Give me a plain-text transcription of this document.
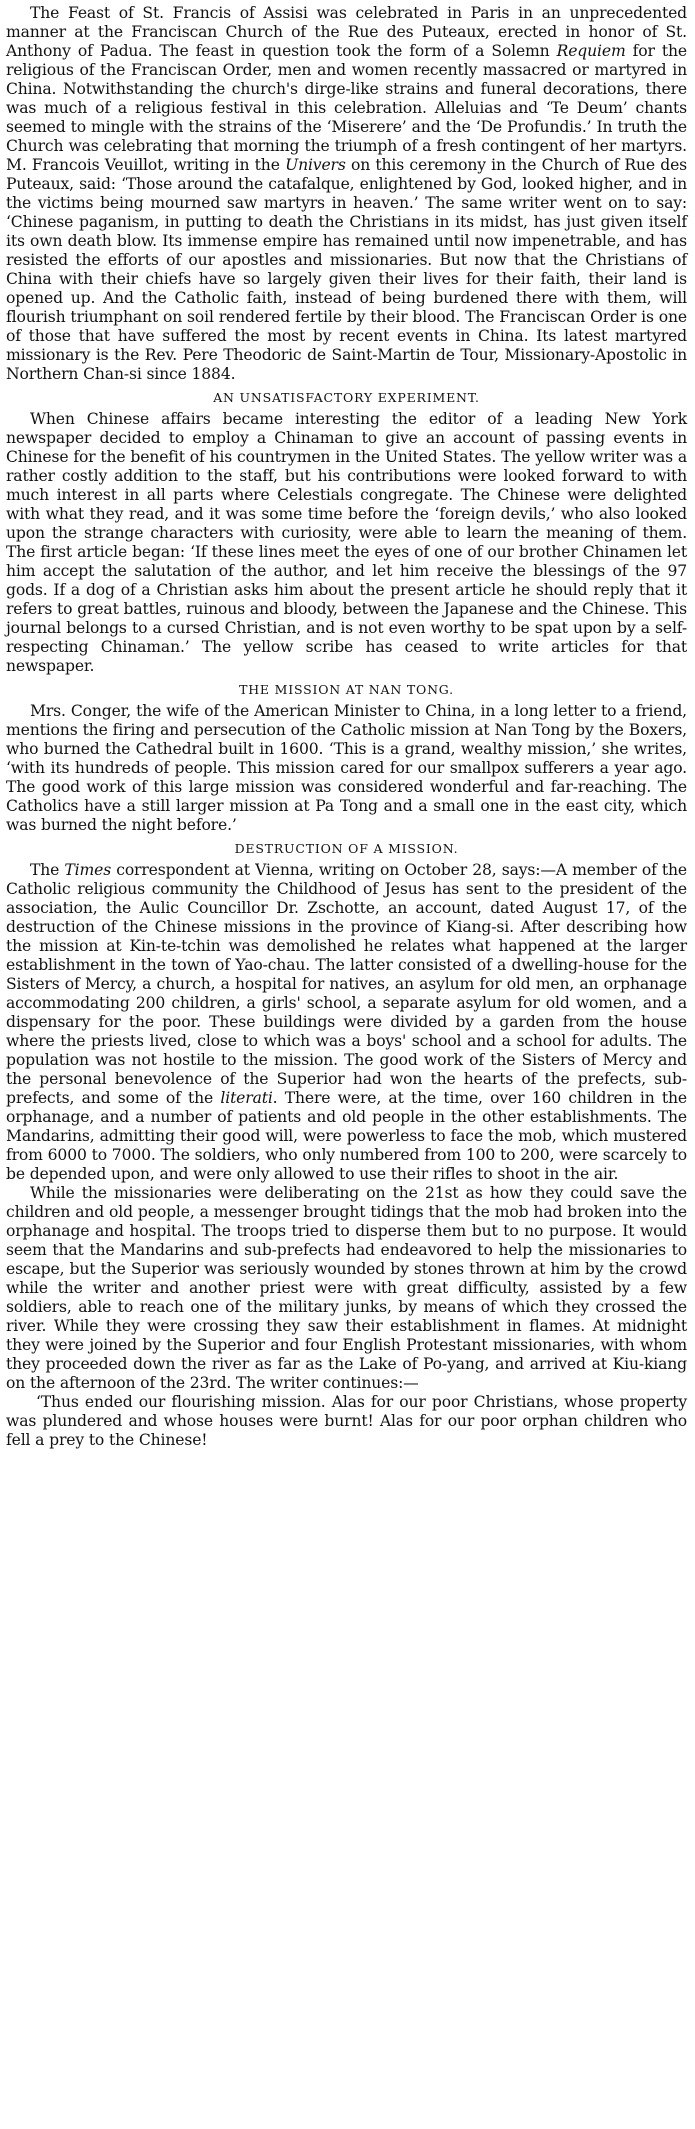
The Feast of St. Francis of Assisi was celebrated in Paris in an unprecedented manner at the Franciscan Church of the Rue des Puteaux, erected in honor of St. Anthony of Padua. The feast in question took the form of a Solemn Requiem for the religious of the Franciscan Order, men and women recently massacred or martyred in China. Notwithstanding the church's dirge-like strains and funeral decorations, there was much of a religious festival in this celebration. Alleluias and ‘Te Deum’ chants seemed to mingle with the strains of the ‘Miserere’ and the ‘De Profundis.’ In truth the Church was celebrating that morning the triumph of a fresh contingent of her martyrs. M. Francois Veuillot, writing in the Univers on this ceremony in the Church of Rue des Puteaux, said: ‘Those around the catafalque, enlightened by God, looked higher, and in the victims being mourned saw martyrs in heaven.’ The same writer went on to say: ‘Chinese paganism, in putting to death the Christians in its midst, has just given itself its own death blow. Its immense empire has remained until now impenetrable, and has resisted the efforts of our apostles and missionaries. But now that the Christians of China with their chiefs have so largely given their lives for their faith, their land is opened up. And the Catholic faith, instead of being burdened there with them, will flourish triumphant on soil rendered fertile by their blood. The Franciscan Order is one of those that have suffered the most by recent events in China. Its latest martyred missionary is the Rev. Pere Theodoric de Saint-Martin de Tour, Missionary-Apostolic in Northern Chan-si since 1884.

AN UNSATISFACTORY EXPERIMENT.

When Chinese affairs became interesting the editor of a leading New York newspaper decided to employ a Chinaman to give an account of passing events in Chinese for the benefit of his countrymen in the United States. The yellow writer was a rather costly addition to the staff, but his contributions were looked forward to with much interest in all parts where Celestials congregate. The Chinese were delighted with what they read, and it was some time before the ‘foreign devils,’ who also looked upon the strange characters with curiosity, were able to learn the meaning of them. The first article began: ‘If these lines meet the eyes of one of our brother Chinamen let him accept the salutation of the author, and let him receive the blessings of the 97 gods. If a dog of a Christian asks him about the present article he should reply that it refers to great battles, ruinous and bloody, between the Japanese and the Chinese. This journal belongs to a cursed Christian, and is not even worthy to be spat upon by a self-respecting Chinaman.’ The yellow scribe has ceased to write articles for that newspaper.

THE MISSION AT NAN TONG.

Mrs. Conger, the wife of the American Minister to China, in a long letter to a friend, mentions the firing and persecution of the Catholic mission at Nan Tong by the Boxers, who burned the Cathedral built in 1600. ‘This is a grand, wealthy mission,’ she writes, ‘with its hundreds of people. This mission cared for our smallpox sufferers a year ago. The good work of this large mission was considered wonderful and far-reaching. The Catholics have a still larger mission at Pa Tong and a small one in the east city, which was burned the night before.’

DESTRUCTION OF A MISSION.

The Times correspondent at Vienna, writing on October 28, says:—A member of the Catholic religious community the Childhood of Jesus has sent to the president of the association, the Aulic Councillor Dr. Zschotte, an account, dated August 17, of the destruction of the Chinese missions in the province of Kiang-si. After describing how the mission at Kin-te-tchin was demolished he relates what happened at the larger establishment in the town of Yao-chau. The latter consisted of a dwelling-house for the Sisters of Mercy, a church, a hospital for natives, an asylum for old men, an orphanage accommodating 200 children, a girls' school, a separate asylum for old women, and a dispensary for the poor. These buildings were divided by a garden from the house where the priests lived, close to which was a boys' school and a school for adults. The population was not hostile to the mission. The good work of the Sisters of Mercy and the personal benevolence of the Superior had won the hearts of the prefects, sub-prefects, and some of the literati. There were, at the time, over 160 children in the orphanage, and a number of patients and old people in the other establishments. The Mandarins, admitting their good will, were powerless to face the mob, which mustered from 6000 to 7000. The soldiers, who only numbered from 100 to 200, were scarcely to be depended upon, and were only allowed to use their rifles to shoot in the air.

While the missionaries were deliberating on the 21st as how they could save the children and old people, a messenger brought tidings that the mob had broken into the orphanage and hospital. The troops tried to disperse them but to no purpose. It would seem that the Mandarins and sub-prefects had endeavored to help the missionaries to escape, but the Superior was seriously wounded by stones thrown at him by the crowd while the writer and another priest were with great difficulty, assisted by a few soldiers, able to reach one of the military junks, by means of which they crossed the river. While they were crossing they saw their establishment in flames. At midnight they were joined by the Superior and four English Protestant missionaries, with whom they proceeded down the river as far as the Lake of Po-yang, and arrived at Kiu-kiang on the afternoon of the 23rd. The writer continues:—

‘Thus ended our flourishing mission. Alas for our poor Christians, whose property was plundered and whose houses were burnt! Alas for our poor orphan children who fell a prey to the Chinese!
